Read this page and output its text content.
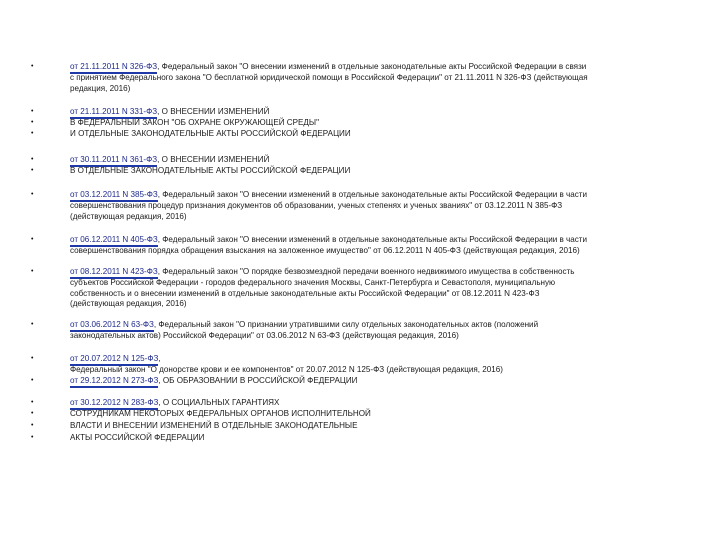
•	от 21.11.2011 N 326-ФЗ, Федеральный закон "О внесении изменений в отдельные законодательные акты Российской Федерации в связи
с принятием Федерального закона "О бесплатной юридической помощи в Российской Федерации" от 21.11.2011 N 326-ФЗ (действующая
редакция, 2016)
•	от 21.11.2011 N 331-ФЗ, О ВНЕСЕНИИ ИЗМЕНЕНИЙ
•	В ФЕДЕРАЛЬНЫЙ ЗАКОН "ОБ ОХРАНЕ ОКРУЖАЮЩЕЙ СРЕДЫ"
•	И ОТДЕЛЬНЫЕ ЗАКОНОДАТЕЛЬНЫЕ АКТЫ РОССИЙСКОЙ ФЕДЕРАЦИИ
•	от 30.11.2011 N 361-ФЗ, О ВНЕСЕНИИ ИЗМЕНЕНИЙ
•	В ОТДЕЛЬНЫЕ ЗАКОНОДАТЕЛЬНЫЕ АКТЫ РОССИЙСКОЙ ФЕДЕРАЦИИ
•	от 03.12.2011 N 385-ФЗ, Федеральный закон "О внесении изменений в отдельные законодательные акты Российской Федерации в части
совершенствования процедур признания документов об образовании, ученых степенях и ученых званиях" от 03.12.2011 N 385-ФЗ
(действующая редакция, 2016)
•	от 06.12.2011 N 405-ФЗ, Федеральный закон "О внесении изменений в отдельные законодательные акты Российской Федерации в части
совершенствования порядка обращения взыскания на заложенное имущество" от 06.12.2011 N 405-ФЗ (действующая редакция, 2016)
•	от 08.12.2011 N 423-ФЗ, Федеральный закон "О порядке безвозмездной передачи военного недвижимого имущества в собственность
субъектов Российской Федерации - городов федерального значения Москвы, Санкт-Петербурга и Севастополя, муниципальную
собственность и о внесении изменений в отдельные законодательные акты Российской Федерации" от 08.12.2011 N 423-ФЗ
(действующая редакция, 2016)
•	от 03.06.2012 N 63-ФЗ, Федеральный закон "О признании утратившими силу отдельных законодательных актов (положений
законодательных актов) Российской Федерации" от 03.06.2012 N 63-ФЗ (действующая редакция, 2016)
•	от 20.07.2012 N 125-ФЗ,
Федеральный закон "О донорстве крови и ее компонентов" от 20.07.2012 N 125-ФЗ (действующая редакция, 2016)
•	от 29.12.2012 N 273-ФЗ, ОБ ОБРАЗОВАНИИ В РОССИЙСКОЙ ФЕДЕРАЦИИ
•	от 30.12.2012 N 283-ФЗ, О СОЦИАЛЬНЫХ ГАРАНТИЯХ
•	СОТРУДНИКАМ НЕКОТОРЫХ ФЕДЕРАЛЬНЫХ ОРГАНОВ ИСПОЛНИТЕЛЬНОЙ
•	ВЛАСТИ И ВНЕСЕНИИ ИЗМЕНЕНИЙ В ОТДЕЛЬНЫЕ ЗАКОНОДАТЕЛЬНЫЕ
•	АКТЫ РОССИЙСКОЙ ФЕДЕРАЦИИ
